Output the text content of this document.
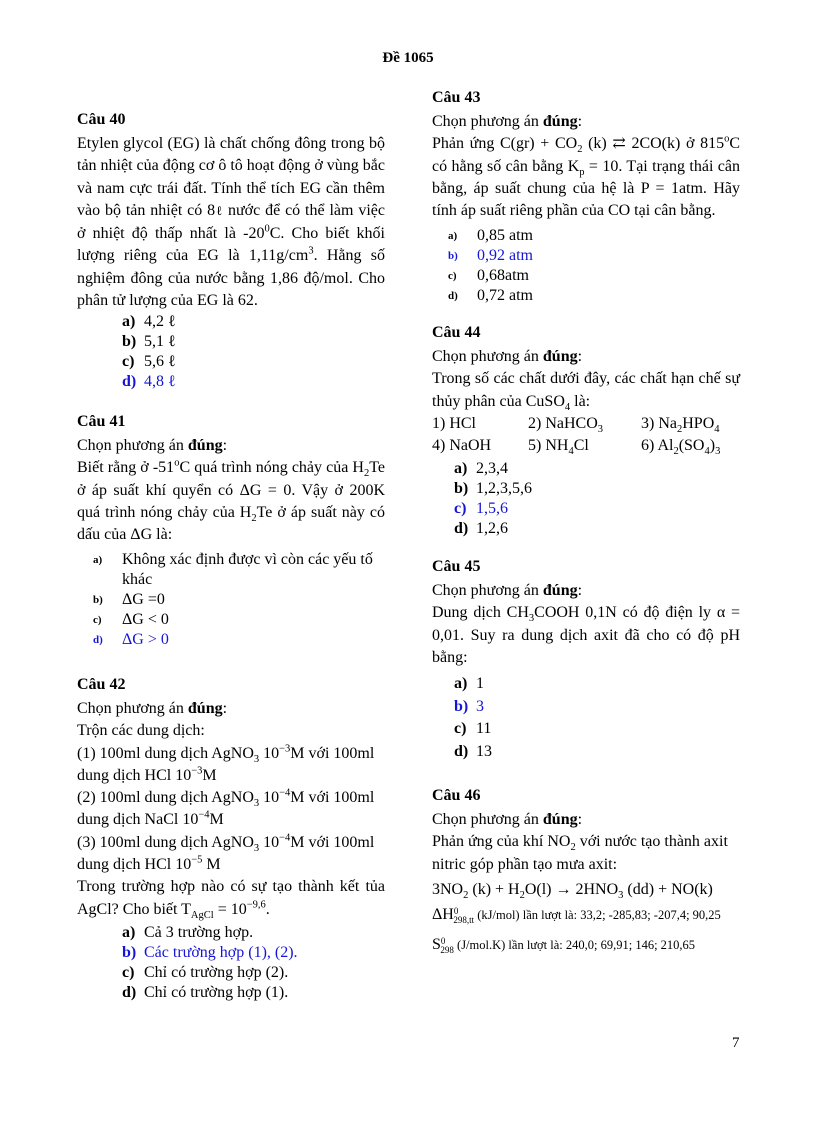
Đề 1065
Câu 40
Etylen glycol (EG) là chất chống đông trong bộ tản nhiệt của động cơ ô tô hoạt động ở vùng bắc và nam cực trái đất. Tính thể tích EG cần thêm vào bộ tản nhiệt có 8ℓ nước để có thể làm việc ở nhiệt độ thấp nhất là $-20^0C$. Cho biết khối lượng riêng của EG là $1,11g/cm^3$. Hằng số nghiệm đông của nước bằng 1,86 độ/mol. Cho phân tử lượng của EG là 62.
a) 4,2 ℓ
b) 5,1 ℓ
c) 5,6 ℓ
d) 4,8 ℓ
Câu 41
Chọn phương án đúng:
Biết rằng ở -51$^o$C quá trình nóng chảy của $H_2Te$ ở áp suất khí quyển có ΔG = 0. Vậy ở 200K quá trình nóng chảy của $H_2Te$ ở áp suất này có dấu của ΔG là:
a)	Không xác định được vì còn các yếu tố khác
b)	ΔG =0
c)	ΔG < 0
d)	ΔG > 0
Câu 42
Chọn phương án đúng:
Trộn các dung dịch:
(1) 100ml dung dịch AgNO$_3$ $10^{-3}M$ với 100ml dung dịch HCl $10^{-3}M$
(2) 100ml dung dịch AgNO$_3$ $10^{-4}M$ với 100ml dung dịch NaCl $10^{-4}M$
(3) 100ml dung dịch AgNO$_3$ $10^{-4}M$ với 100ml dung dịch HCl $10^{-5}$ M
Trong trường hợp nào có sự tạo thành kết tủa AgCl? Cho biết $T_{AgCl} = 10^{-9,6}$.
a) Cả 3 trường hợp.
b) Các trường hợp (1), (2).
c) Chỉ có trường hợp (2).
d) Chỉ có trường hợp (1).
Câu 43
Chọn phương án đúng:
Phản ứng $C(gr) + CO_2$ (k) ⇄ 2CO(k) ở 815$^o$C có hằng số cân bằng $K_p = 10$. Tại trạng thái cân bằng, áp suất chung của hệ là P = 1atm. Hãy tính áp suất riêng phần của CO tại cân bằng.
a)	0,85 atm
b)	0,92 atm
c)	0,68atm
d)	0,72 atm
Câu 44
Chọn phương án đúng:
Trong số các chất dưới đây, các chất hạn chế sự thủy phân của CuSO$_4$ là:
1) HCl	2) NaHCO$_3$	3) $Na_2HPO_4$
4) NaOH	5) $NH_4Cl$	6) $Al_2(SO_4)_3$
a) 2,3,4
b) 1,2,3,5,6
c) 1,5,6
d) 1,2,6
Câu 45
Chọn phương án đúng:
Dung dịch $CH_3COOH$ 0,1N có độ điện ly α = 0,01. Suy ra dung dịch axit đã cho có độ pH bằng:
a) 1
b) 3
c) 11
d) 13
Câu 46
Chọn phương án đúng:
Phản ứng của khí $NO_2$ với nước tạo thành axit nitric góp phần tạo mưa axit:
$3NO_2$ $(k) + H_2O(l) \to 2HNO_3$ (dd) + NO(k)
$\Delta H^0_{298,tt}$ (kJ/mol) lần lượt là: 33,2; -285,83; -207,4; 90,25
$S^0_{298}$ (J/mol.K) lần lượt là: 240,0; 69,91; 146; 210,65
7
